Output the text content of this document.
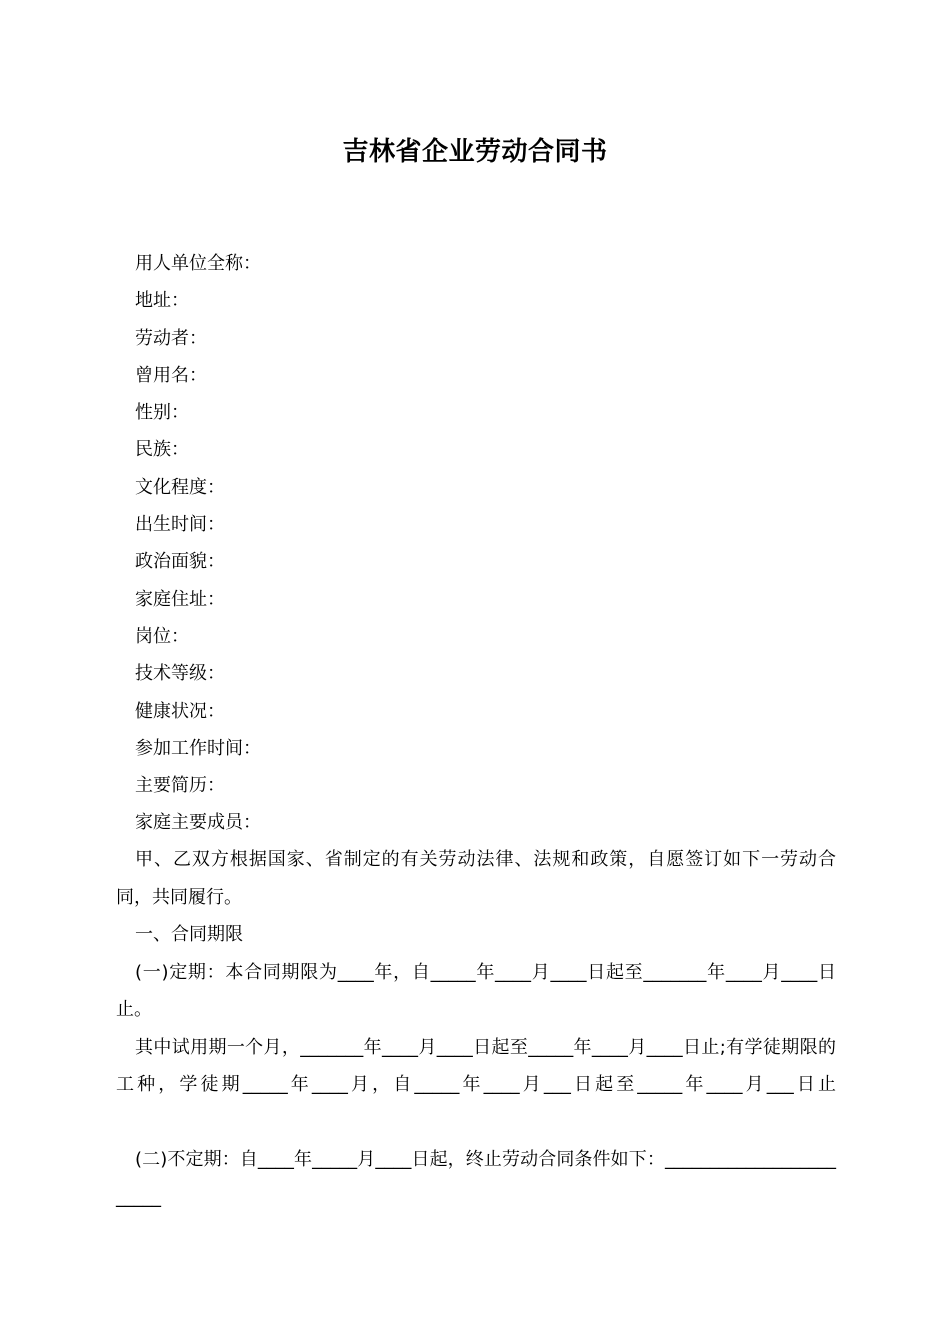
吉林省企业劳动合同书
用人单位全称：
地址：
劳动者：
曾用名：
性别：
民族：
文化程度：
出生时间：
政治面貌：
家庭住址：
岗位：
技术等级：
健康状况：
参加工作时间：
主要简历：
家庭主要成员：

甲、乙双方根据国家、省制定的有关劳动法律、法规和政策，自愿签订如下一劳动合同，共同履行。

一、合同期限

(一)定期：本合同期限为____年，自_____年____月____日起至_______年____月____日止。

其中试用期一个月，_______年____月____日起至_____年____月____日止;有学徒期限的工种，学徒期_____年____月，自_____年____月___日起至_____年____月___日止

(二)不定期：自____年_____月____日起，终止劳动合同条件如下：________________________
